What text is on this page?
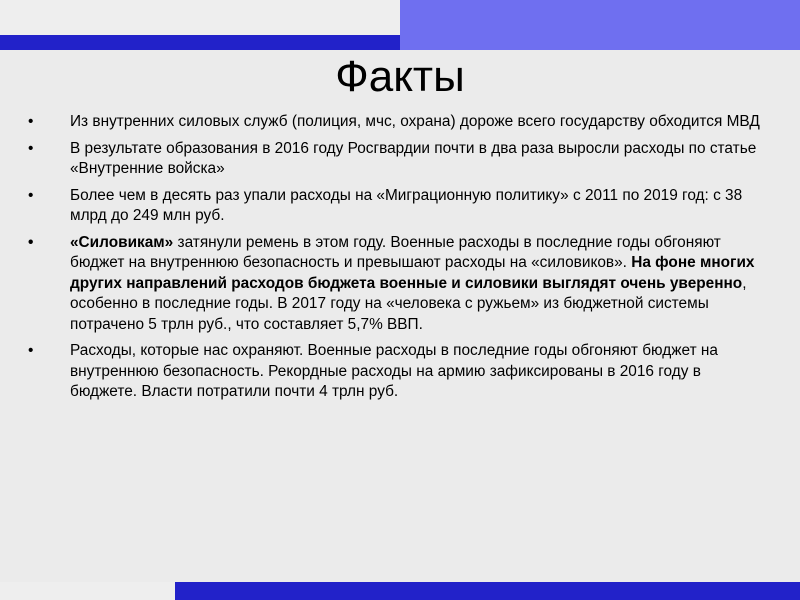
Факты
•	Из внутренних силовых служб (полиция, мчс, охрана) дороже всего государству обходится МВД
•	В результате образования в 2016 году Росгвардии почти в два раза выросли расходы по статье «Внутренние войска»
•	Более чем в десять раз упали расходы на «Миграционную политику» с 2011 по 2019 год: с 38 млрд до 249 млн руб.
•	«Силовикам» затянули ремень в этом году. Военные расходы в последние годы обгоняют бюджет на внутреннюю безопасность и превышают расходы на «силовиков». На фоне многих других направлений расходов бюджета военные и силовики выглядят очень уверенно, особенно в последние годы. В 2017 году на «человека с ружьем» из бюджетной системы потрачено 5 трлн руб., что составляет 5,7% ВВП.
•	Расходы, которые нас охраняют. Военные расходы в последние годы обгоняют бюджет на внутреннюю безопасность. Рекордные расходы на армию зафиксированы в 2016 году в бюджете. Власти потратили почти 4 трлн руб.
